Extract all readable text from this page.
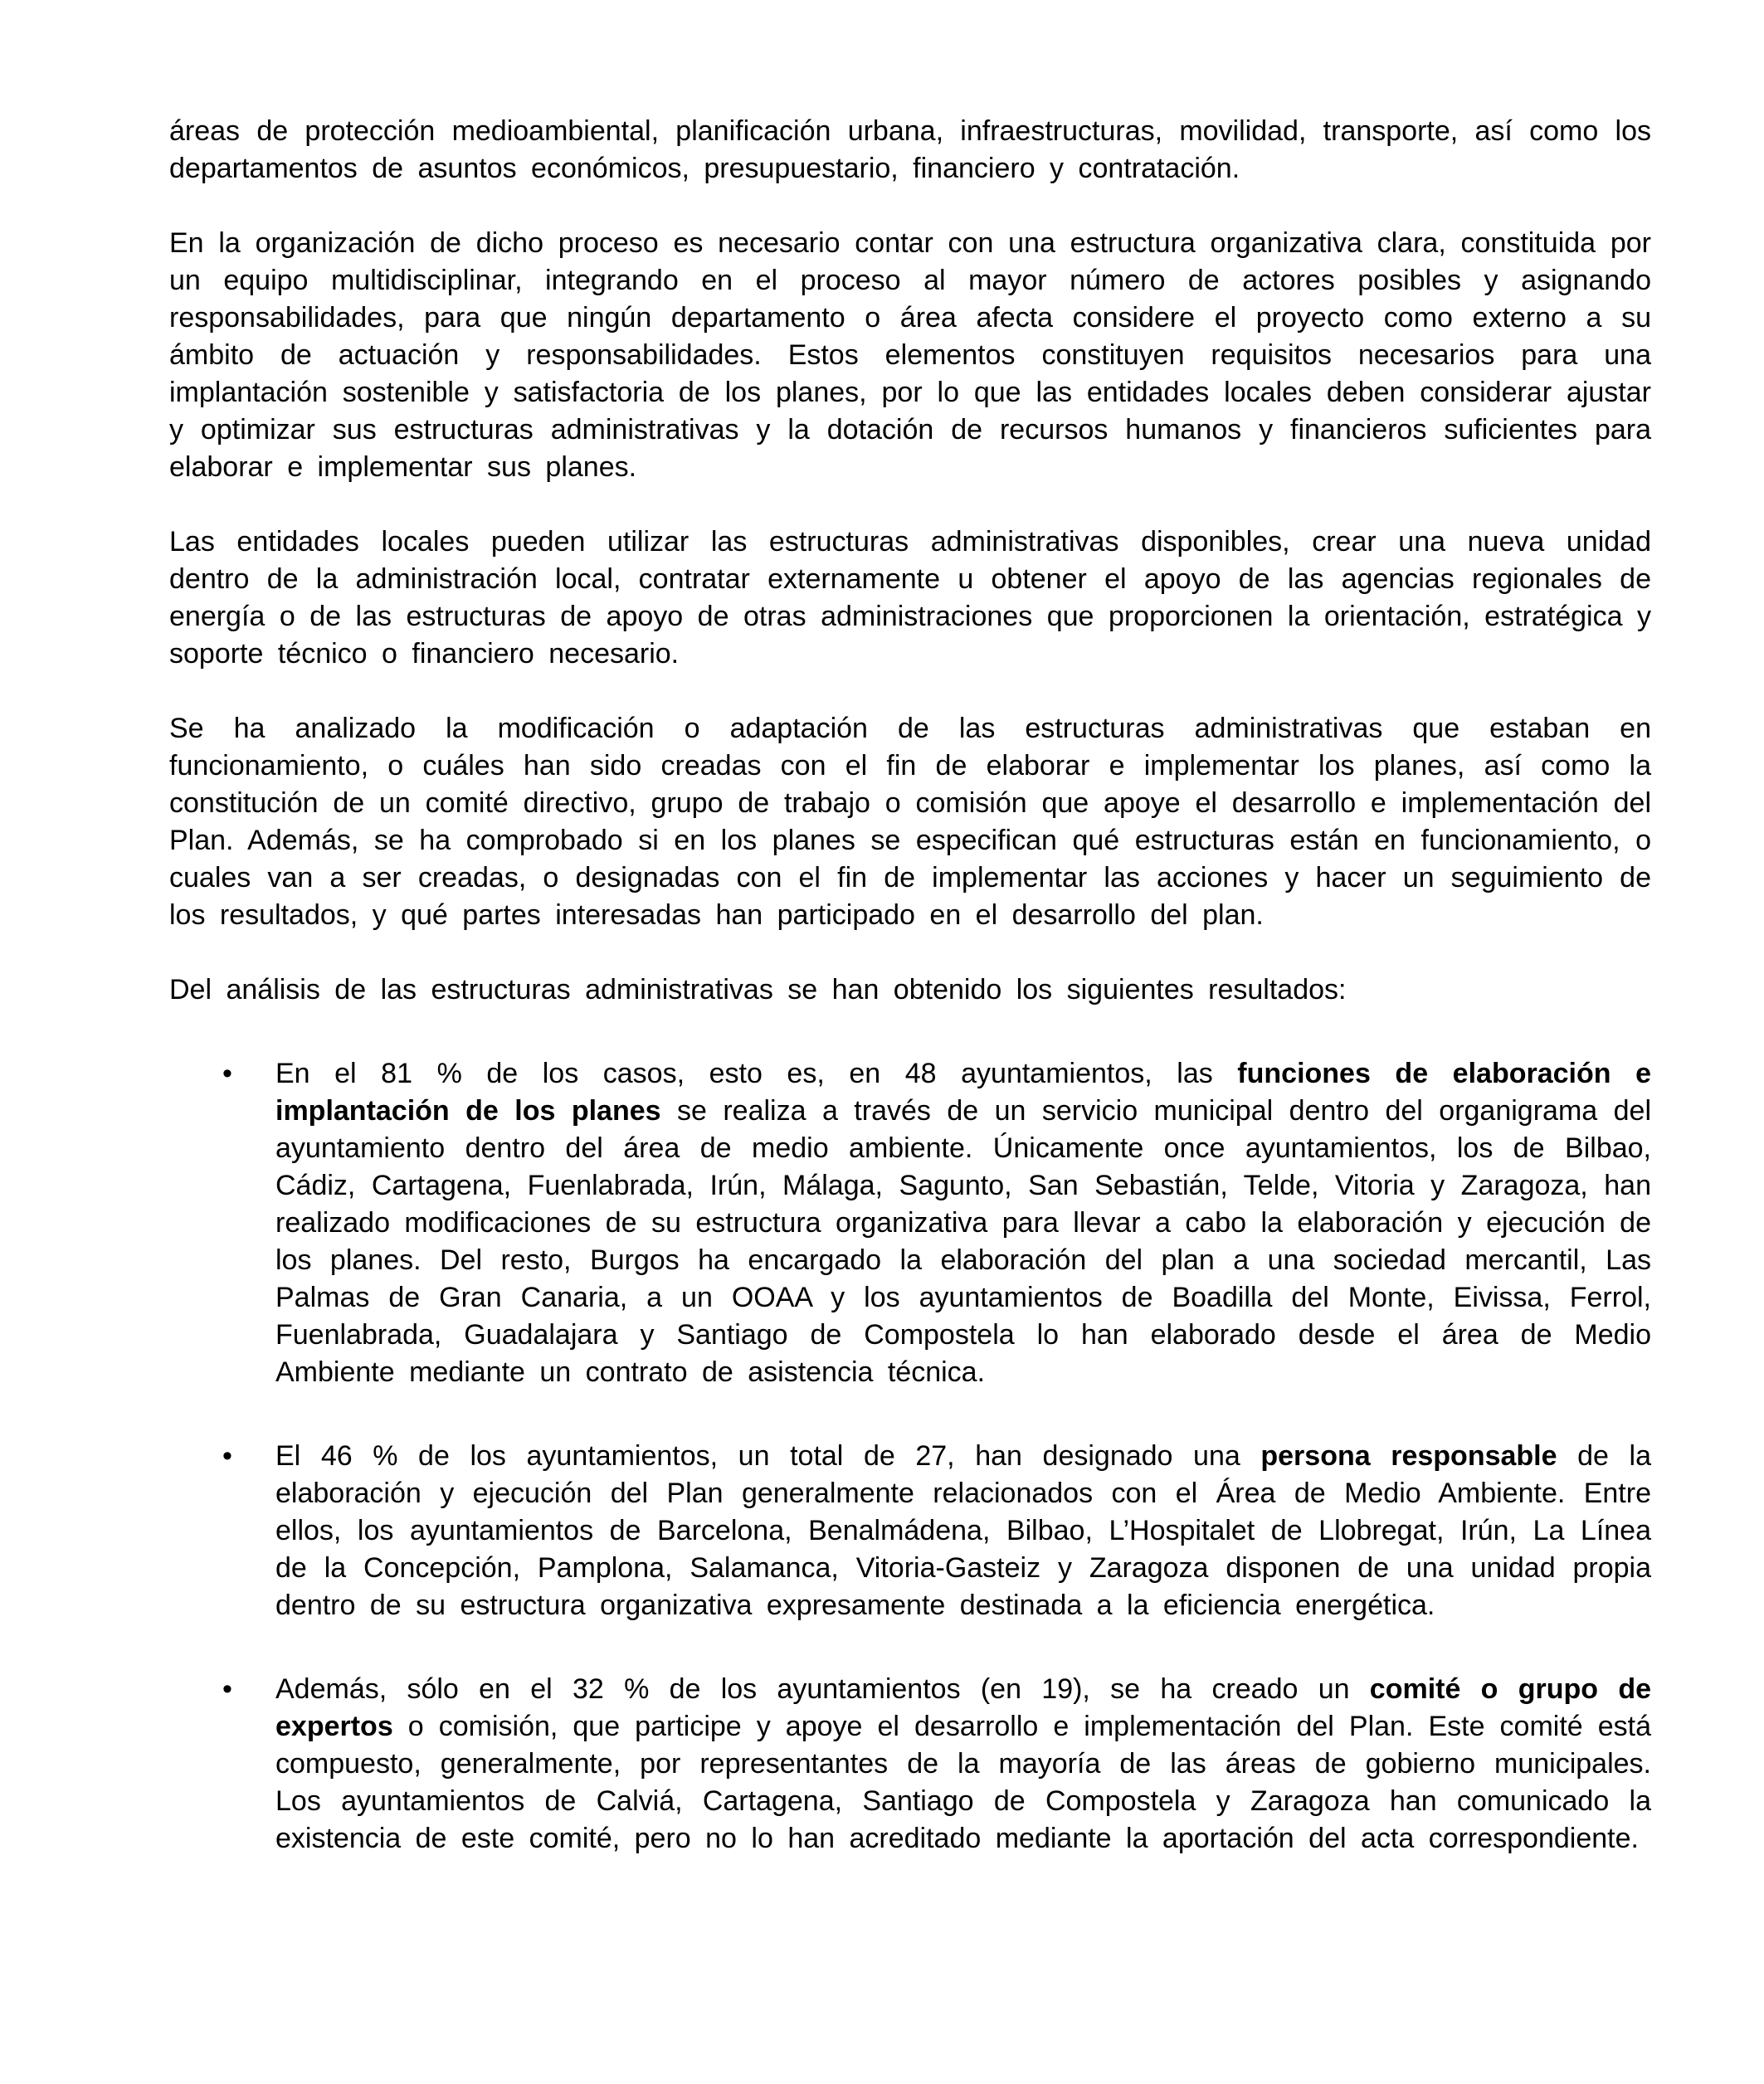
áreas de protección medioambiental, planificación urbana, infraestructuras, movilidad, transporte, así como los departamentos de asuntos económicos, presupuestario, financiero y contratación.

En la organización de dicho proceso es necesario contar con una estructura organizativa clara, constituida por un equipo multidisciplinar, integrando en el proceso al mayor número de actores posibles y asignando responsabilidades, para que ningún departamento o área afecta considere el proyecto como externo a su ámbito de actuación y responsabilidades. Estos elementos constituyen requisitos necesarios para una implantación sostenible y satisfactoria de los planes, por lo que las entidades locales deben considerar ajustar y optimizar sus estructuras administrativas y la dotación de recursos humanos y financieros suficientes para elaborar e implementar sus planes.

Las entidades locales pueden utilizar las estructuras administrativas disponibles, crear una nueva unidad dentro de la administración local, contratar externamente u obtener el apoyo de las agencias regionales de energía o de las estructuras de apoyo de otras administraciones que proporcionen la orientación, estratégica y soporte técnico o financiero necesario.

Se ha analizado la modificación o adaptación de las estructuras administrativas que estaban en funcionamiento, o cuáles han sido creadas con el fin de elaborar e implementar los planes, así como la constitución de un comité directivo, grupo de trabajo o comisión que apoye el desarrollo e implementación del Plan. Además, se ha comprobado si en los planes se especifican qué estructuras están en funcionamiento, o cuales van a ser creadas, o designadas con el fin de implementar las acciones y hacer un seguimiento de los resultados, y qué partes interesadas han participado en el desarrollo del plan.

Del análisis de las estructuras administrativas se han obtenido los siguientes resultados:

• En el 81 % de los casos, esto es, en 48 ayuntamientos, las funciones de elaboración e implantación de los planes se realiza a través de un servicio municipal dentro del organigrama del ayuntamiento dentro del área de medio ambiente. Únicamente once ayuntamientos, los de Bilbao, Cádiz, Cartagena, Fuenlabrada, Irún, Málaga, Sagunto, San Sebastián, Telde, Vitoria y Zaragoza, han realizado modificaciones de su estructura organizativa para llevar a cabo la elaboración y ejecución de los planes. Del resto, Burgos ha encargado la elaboración del plan a una sociedad mercantil, Las Palmas de Gran Canaria, a un OOAA y los ayuntamientos de Boadilla del Monte, Eivissa, Ferrol, Fuenlabrada, Guadalajara y Santiago de Compostela lo han elaborado desde el área de Medio Ambiente mediante un contrato de asistencia técnica.
• El 46 % de los ayuntamientos, un total de 27, han designado una persona responsable de la elaboración y ejecución del Plan generalmente relacionados con el Área de Medio Ambiente. Entre ellos, los ayuntamientos de Barcelona, Benalmádena, Bilbao, L’Hospitalet de Llobregat, Irún, La Línea de la Concepción, Pamplona, Salamanca, Vitoria-Gasteiz y Zaragoza disponen de una unidad propia dentro de su estructura organizativa expresamente destinada a la eficiencia energética.
• Además, sólo en el 32 % de los ayuntamientos (en 19), se ha creado un comité o grupo de expertos o comisión, que participe y apoye el desarrollo e implementación del Plan. Este comité está compuesto, generalmente, por representantes de la mayoría de las áreas de gobierno municipales. Los ayuntamientos de Calviá, Cartagena, Santiago de Compostela y Zaragoza han comunicado la existencia de este comité, pero no lo han acreditado mediante la aportación del acta correspondiente.
